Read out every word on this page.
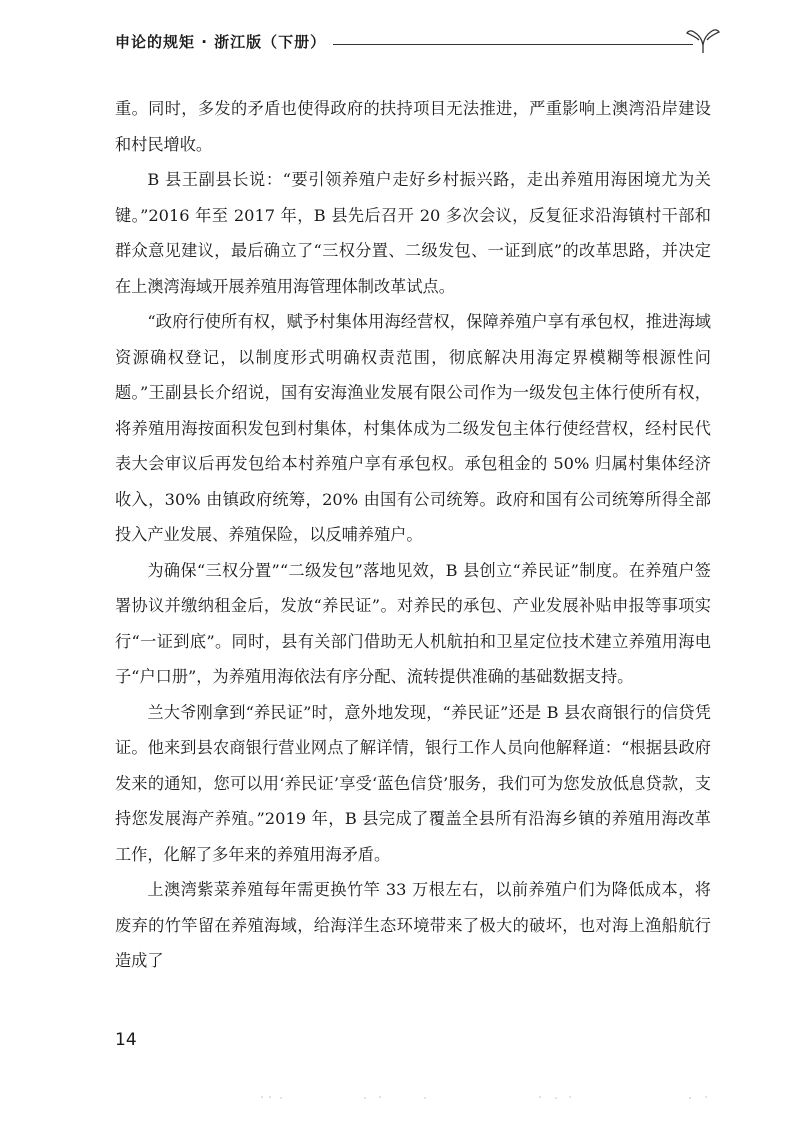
申论的规矩 · 浙江版（下册）

重。同时，多发的矛盾也使得政府的扶持项目无法推进，严重影响上澳湾沿岸建设和村民增收。

B 县王副县长说：“要引领养殖户走好乡村振兴路，走出养殖用海困境尤为关键。”2016 年至 2017 年，B 县先后召开 20 多次会议，反复征求沿海镇村干部和群众意见建议，最后确立了“三权分置、二级发包、一证到底”的改革思路，并决定在上澳湾海域开展养殖用海管理体制改革试点。

“政府行使所有权，赋予村集体用海经营权，保障养殖户享有承包权，推进海域资源确权登记，以制度形式明确权责范围，彻底解决用海定界模糊等根源性问题。”王副县长介绍说，国有安海渔业发展有限公司作为一级发包主体行使所有权，将养殖用海按面积发包到村集体，村集体成为二级发包主体行使经营权，经村民代表大会审议后再发包给本村养殖户享有承包权。承包租金的 50% 归属村集体经济收入，30% 由镇政府统筹，20% 由国有公司统筹。政府和国有公司统筹所得全部投入产业发展、养殖保险，以反哺养殖户。

为确保“三权分置”“二级发包”落地见效，B 县创立“养民证”制度。在养殖户签署协议并缴纳租金后，发放“养民证”。对养民的承包、产业发展补贴申报等事项实行“一证到底”。同时，县有关部门借助无人机航拍和卫星定位技术建立养殖用海电子“户口册”，为养殖用海依法有序分配、流转提供准确的基础数据支持。

兰大爷刚拿到“养民证”时，意外地发现，“养民证”还是 B 县农商银行的信贷凭证。他来到县农商银行营业网点了解详情，银行工作人员向他解释道：“根据县政府发来的通知，您可以用‘养民证’享受‘蓝色信贷’服务，我们可为您发放低息贷款，支持您发展海产养殖。”2019 年，B 县完成了覆盖全县所有沿海乡镇的养殖用海改革工作，化解了多年来的养殖用海矛盾。

上澳湾紫菜养殖每年需更换竹竿 33 万根左右，以前养殖户们为降低成本，将废弃的竹竿留在养殖海域，给海洋生态环境带来了极大的破坏，也对海上渔船航行造成了

14
